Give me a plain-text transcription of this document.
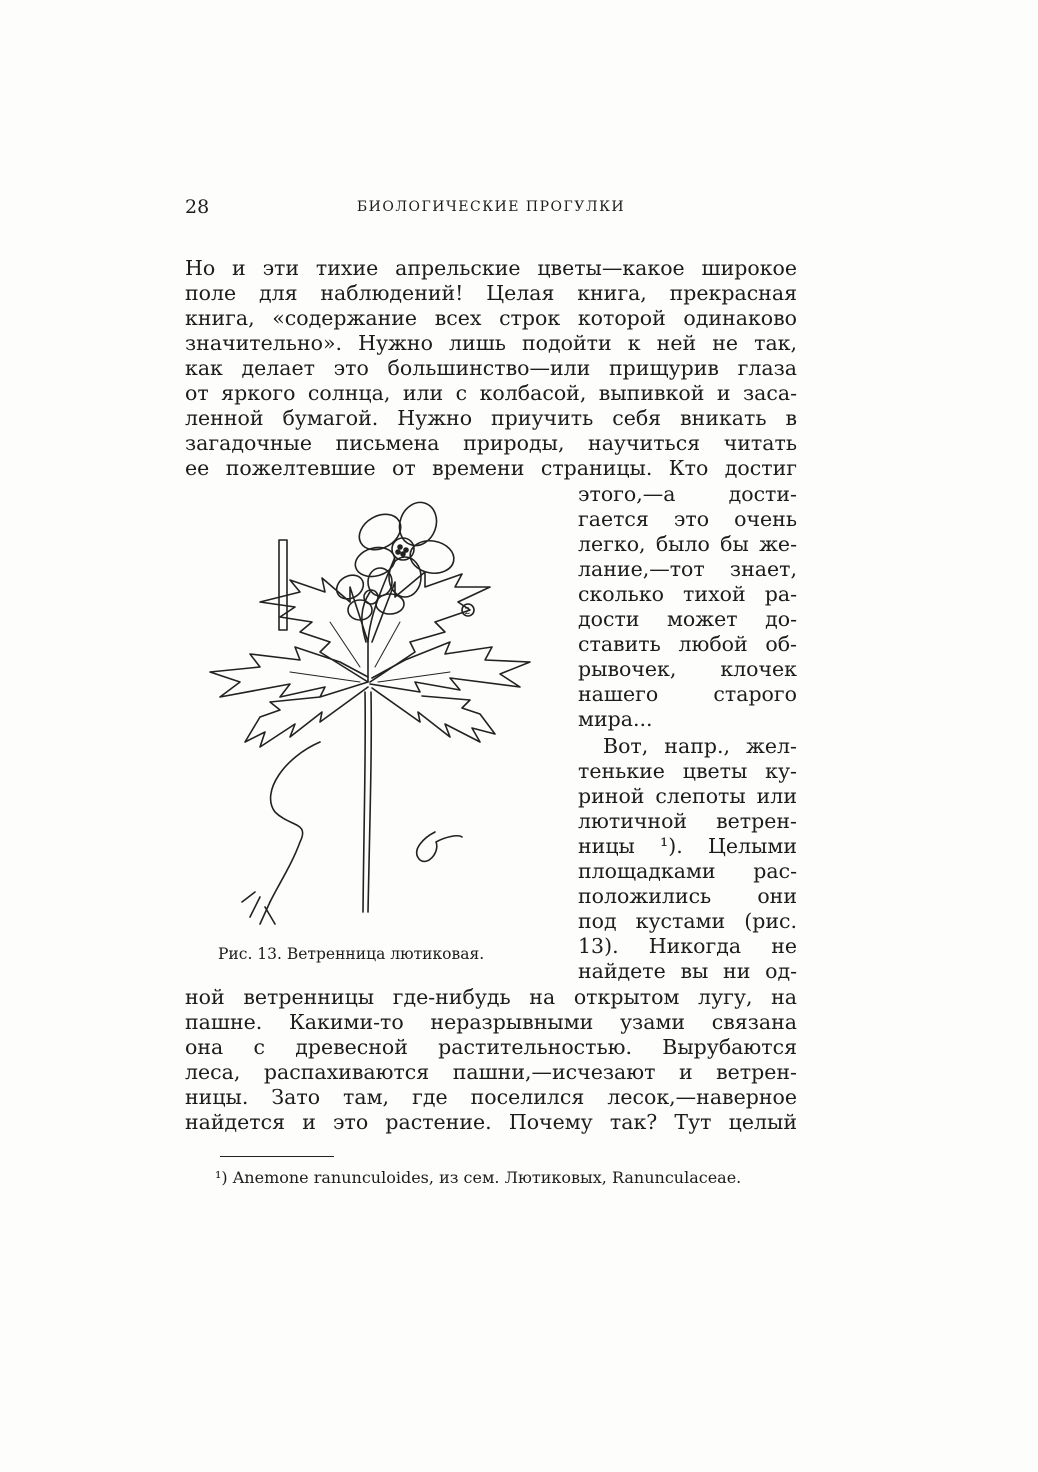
28	БИОЛОГИЧЕСКИЕ ПРОГУЛКИ
Но и эти тихие апрельские цветы—какое широкое
поле для наблюдений! Целая книга, прекрасная
книга, «содержание всех строк которой одинаково
значительно». Нужно лишь подойти к ней не так,
как делает это большинство—или прищурив глаза
от яркого солнца, или с колбасой, выпивкой и заса-
ленной бумагой. Нужно приучить себя вникать в
загадочные письмена природы, научиться читать
ее пожелтевшие от времени страницы. Кто достиг
этого,—а дости-
гается это очень
легко, было бы же-
лание,—тот знает,
сколько тихой ра-
дости может до-
ставить любой об-
рывочек, клочек
нашего старого
мира...
Вот, напр., жел-
тенькие цветы ку-
риной слепоты или
лютичной ветрен-
ницы ¹). Целыми
площадками рас-
положились они
под кустами (рис.
13). Никогда не
найдете вы ни од-
2
Рис. 13. Ветренница лютиковая.
ной ветренницы где-нибудь на открытом лугу, на
пашне. Какими-то неразрывными узами связана
она с древесной растительностью. Вырубаются
леса, распахиваются пашни,—исчезают и ветрен-
ницы. Зато там, где поселился лесок,—наверное
найдется и это растение. Почему так? Тут целый
¹) Anemone ranunculoides, из сем. Лютиковых, Ranunculaceae.
